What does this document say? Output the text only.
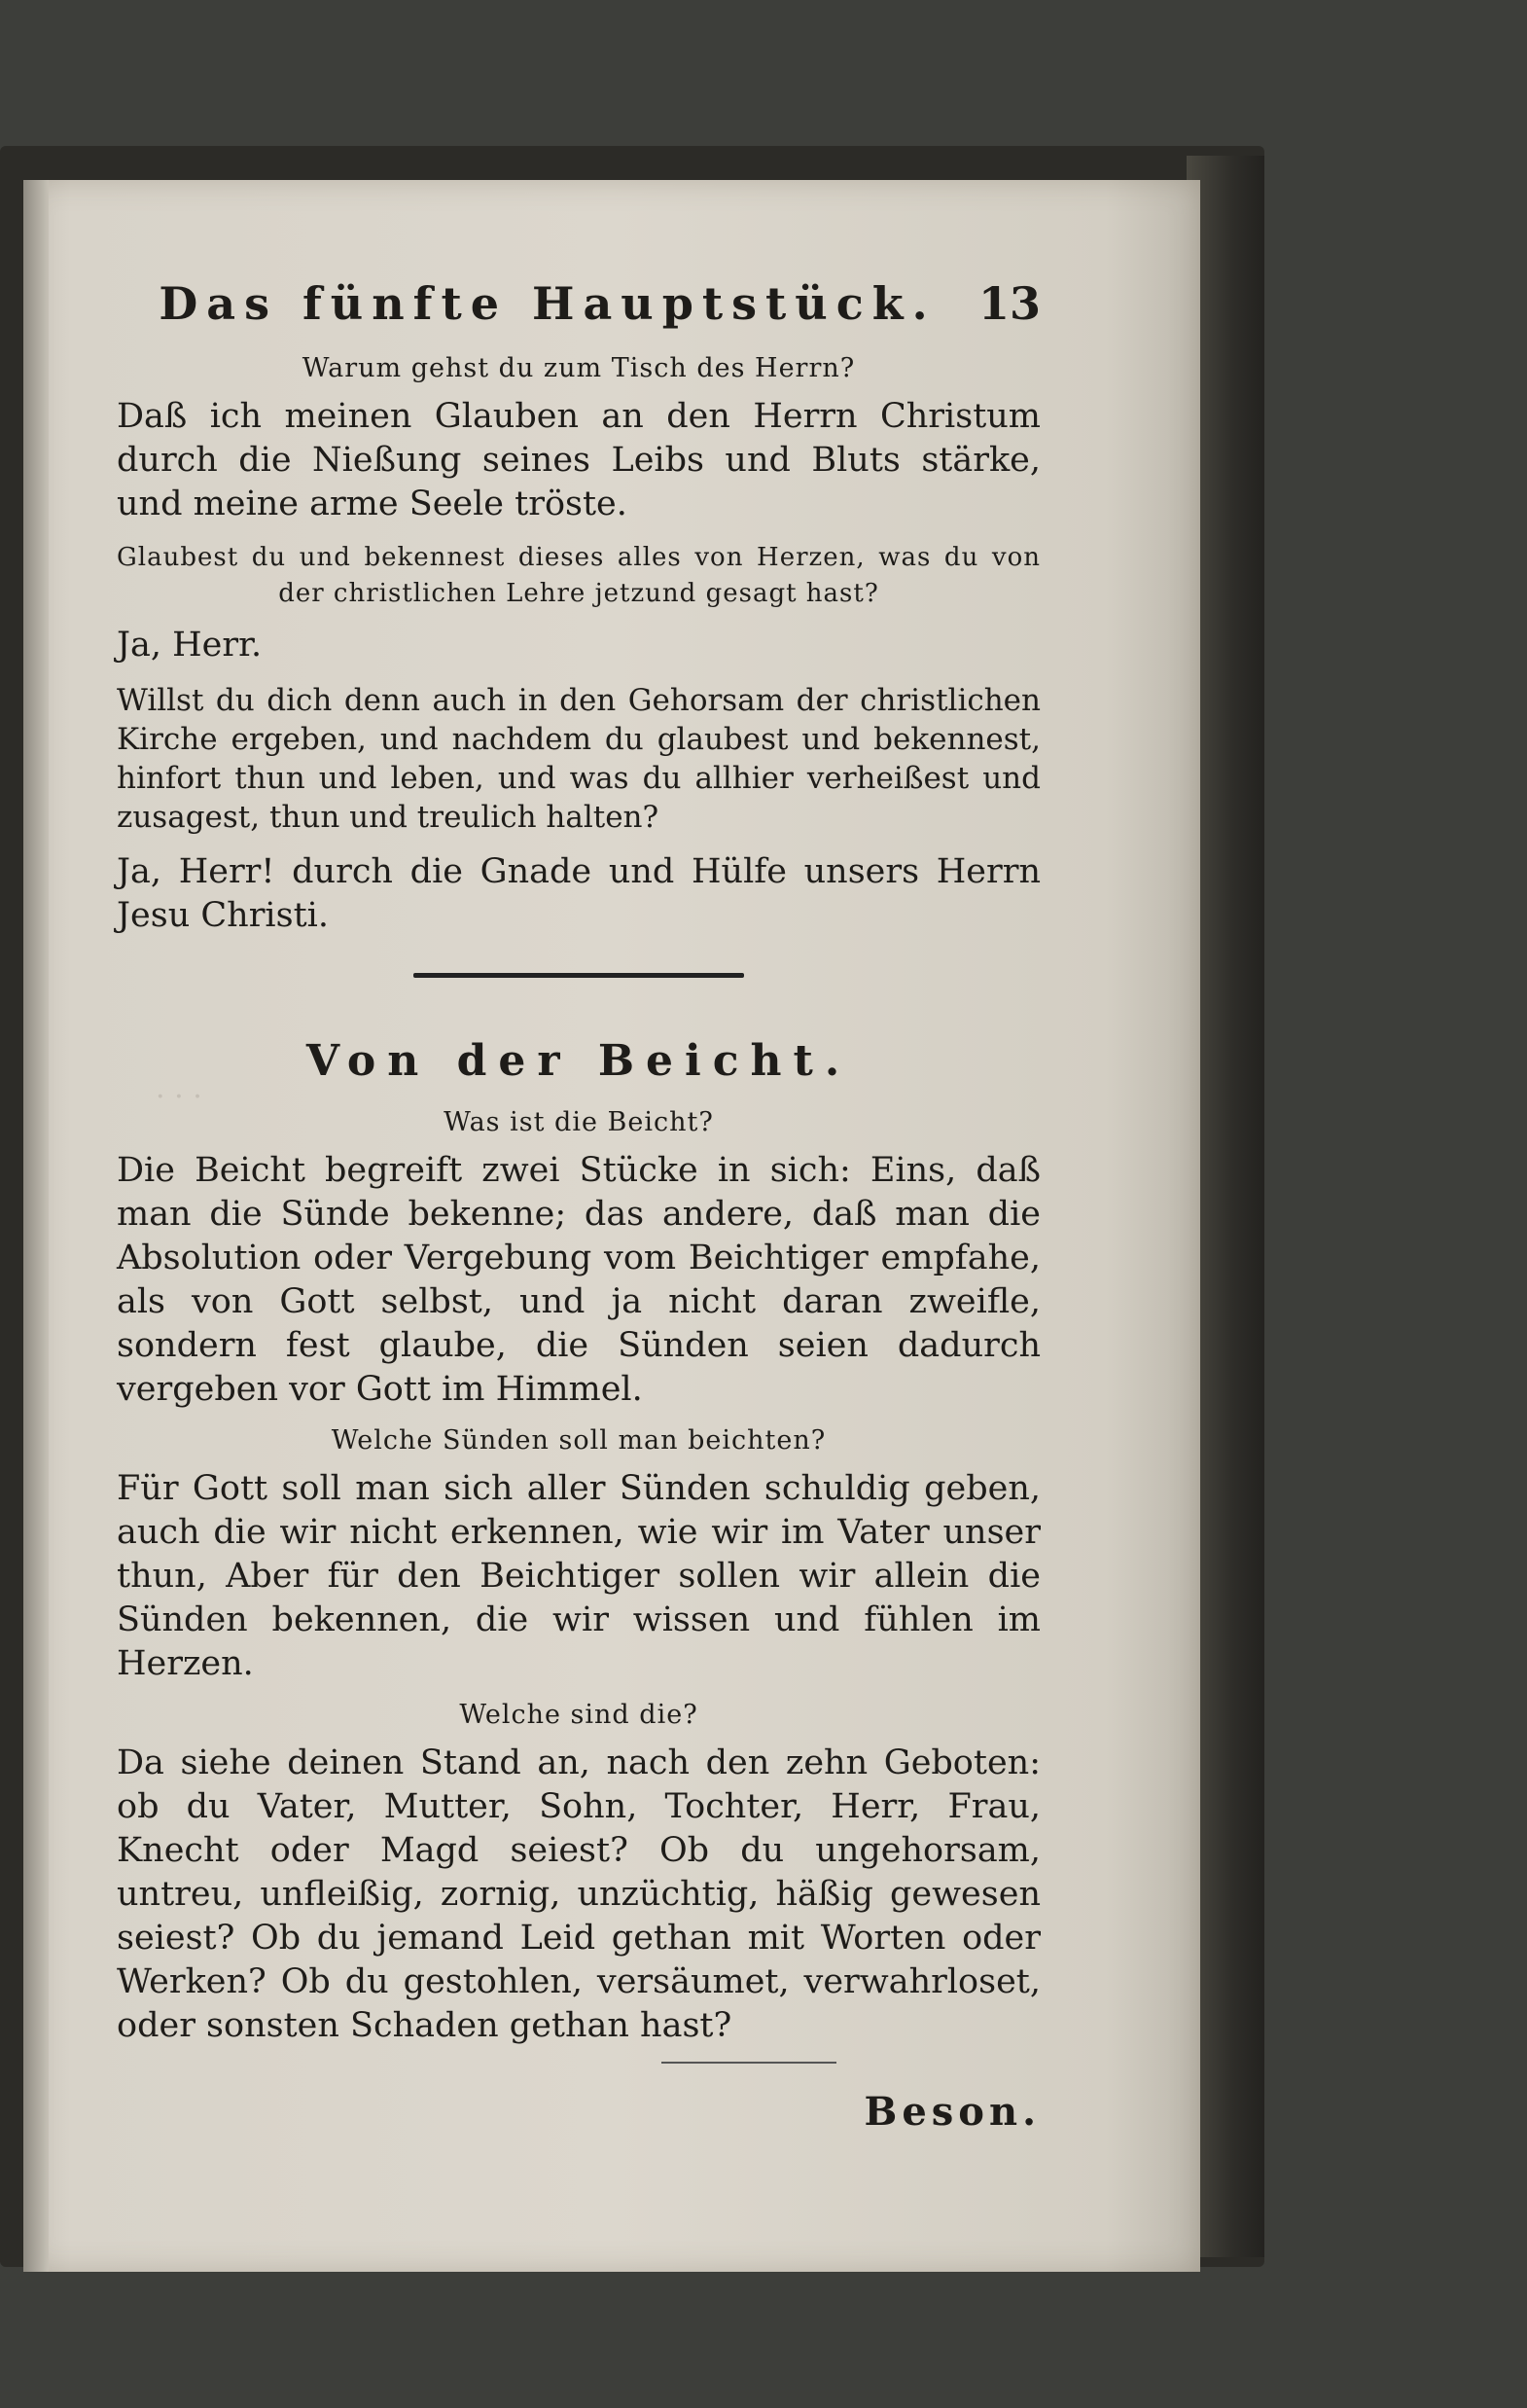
· · ·
Das fünfte Hauptstück. 13
Warum gehst du zum Tisch des Herrn?
Daß ich meinen Glauben an den Herrn Christum durch die Nießung seines Leibs und Bluts stärke, und meine arme Seele tröste.
Glaubest du und bekennest dieses alles von Herzen, was du von der christlichen Lehre jetzund gesagt hast?
Ja, Herr.
Willst du dich denn auch in den Gehorsam der christlichen Kirche ergeben, und nachdem du glaubest und bekennest, hinfort thun und leben, und was du allhier verheißest und zusagest, thun und treulich halten?
Ja, Herr! durch die Gnade und Hülfe unsers Herrn Jesu Christi.
Von der Beicht.
Was ist die Beicht?
Die Beicht begreift zwei Stücke in sich: Eins, daß man die Sünde bekenne; das andere, daß man die Absolution oder Vergebung vom Beichtiger empfahe, als von Gott selbst, und ja nicht daran zweifle, sondern fest glaube, die Sünden seien dadurch vergeben vor Gott im Himmel.
Welche Sünden soll man beichten?
Für Gott soll man sich aller Sünden schuldig geben, auch die wir nicht erkennen, wie wir im Vater unser thun, Aber für den Beichtiger sollen wir allein die Sünden bekennen, die wir wissen und fühlen im Herzen.
Welche sind die?
Da siehe deinen Stand an, nach den zehn Geboten: ob du Vater, Mutter, Sohn, Tochter, Herr, Frau, Knecht oder Magd seiest? Ob du ungehorsam, untreu, unfleißig, zornig, unzüchtig, häßig gewesen seiest? Ob du jemand Leid gethan mit Worten oder Werken? Ob du gestohlen, versäumet, verwahrloset, oder sonsten Schaden gethan hast?
Beson.
